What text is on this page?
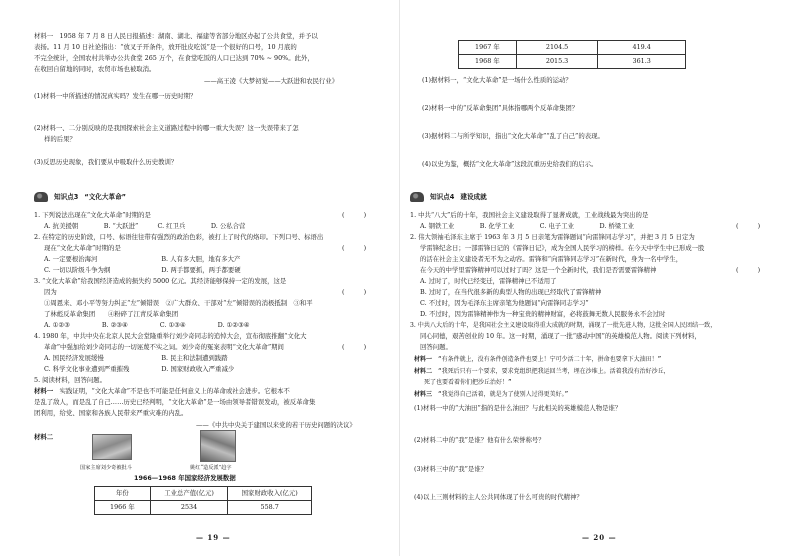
材料一　1958 年 7 月 8 日人民日报描述：湖南、湖北、福建等省部分地区办起了公共食堂，并予以
表扬。11 月 10 日社论指出：“放叉子开条件，放开肚皮吃饭”是一个很好的口号，10 月底的
不完全统计，全国农村共举办公共食堂 265 万个，在食堂吃饭的人口已达到 70% ~ 90%。此外，
在收回自留地的同时，农贸市场也被取消。
——高王凌《大梦初觉——大跃进和农民行业》
(1)材料一中所描述的情况真实吗？发生在哪一历史时期？
(2)材料一、二分别反映的是我国探索社会主义道路过程中的哪一重大失误？这一失误带来了怎
样的后果？
(3)反思历史现象，我们要从中吸取什么历史教训？
知识点3 “文化大革命”
1. 下列说法出现在“文化大革命”时期的是	(　　　)
A. 抗美援朝　　　　B. “大跃进”　　　C. 红卫兵　　　　D. 公私合营
2. 在特定的历史阶段，口号、标语往往带有强烈的政治色彩，被打上了时代的烙印。下列口号、标语出
现在“文化大革命”时期的是	(　　　)
A. 一定要根治海河　　　　　　　　　　B. 人有多大胆，地有多大产
C. 一切以阶级斗争为纲　　　　　　　　D. 两手都要抓，两手都要硬
3. “文化大革命”给我国经济造成的损失约 5000 亿元。其经济能够保持一定的发展，这是
因为	(　　　)
①周恩来、邓小平等努力纠正“左”倾错误　②广大群众、干部对“左”倾错误的消极抵制　③和平
了林彪反革命集团　　④粉碎了江青反革命集团
A. ①②③　　　　　B. ②③④　　　　　C. ①③④　　　　　D. ①②③④
4. 1980 年，中共中央在北京人民大会堂隆重举行刘少奇同志的追悼大会，宣布彻底推翻“文化大
革命”中强加给刘少奇同志的一切诬蔑不实之词。刘少奇的冤案表明“文化大革命”期间	(　　　)
A. 国民经济发展缓慢　　　　　　　　　B. 民主和法制遭到践踏
C. 科学文化事业遭到严重摧残　　　　　D. 国家财政收入严重减少
5. 阅读材料，回答问题。
材料一　实践证明，“文化大革命”不是也不可能是任何意义上的革命或社会进步。它根本不
是乱了敌人，而是乱了自己……历史已经判明，“文化大革命”是一场由领导者错误发动，被反革命集
团利用，给党、国家和各族人民带来严重灾难的内乱。
——《中共中央关于建国以来党的若干历史问题的决议》
材料二
国家主席刘少奇被批斗	姚红“造反派”趋字
1966—1968 年国家经济发展数据
年份	工业总产值(亿元)	国家财政收入(亿元)
1966 年	2534	558.7
— 19 —
1967 年	2104.5	419.4
1968 年	2015.3	361.3
(1)据材料一，“文化大革命”是一场什么性质的运动？
(2)材料一中的“反革命集团”具体指哪两个反革命集团？
(3)据材料二与所学知识，指出“文化大革命”“乱了自己”的表现。
(4)以史为鉴，概括“文化大革命”这段沉重历史给我们的启示。
知识点4 建设成就
1. 中共“八大”后的十年，我国社会主义建设取得了显著成就，工业战线最为突出的是
(　　　)
A. 钢铁工业　　　　B. 化学工业　　　　C. 电子工业　　　　D. 桥梁工业
2. 伟大领袖毛泽东主席于 1963 年 3 月 5 日亲笔为雷锋题词“向雷锋同志学习”，并把 3 月 5 日定为
学雷锋纪念日；一部雷锋日记的《雷锋日记》，成为全国人民学习的榜样。在今天中学生中已形成一股
的活在社会主义建设者无不为之动容。雷锋和“向雷锋同志学习”在新时代，身为一名中学生，
在今天的中学里雷锋精神可以过时了吗？这是一个全新时代，我们是否需要雷锋精神	(　　　)
A. 过时了，时代已经变迁，雷锋精神已不适用了
B. 过时了，在当代很多新的典型人物的出现已经取代了雷锋精神
C. 不过时，因为毛泽东主席亲笔为他题词“向雷锋同志学习”
D. 不过时，因为雷锋精神作为一种宝贵的精神财富，必将鼓舞无数人民服务永不会过时
3. 中共八大后的十年，是我国社会主义建设取得重大成就的时期，涌现了一批先进人物，这批全国人民团结一致，
同心同德，艰苦创业的 10 年。这一时期，涌现了一批“感动中国”的英雄模范人物。阅读下列材料，
回答问题。
材料一　 “有条件就上，没有条件创造条件也要上！宁可少活二十年，拼命也要拿下大油田！”
材料二　 “我死后只有一个要求，要求党组织把我运回兰考，埋在沙堆上。活着我没有治好沙丘，
死了也要看着你们把沙丘治好！”
材料三　 “我觉得自己活着，就是为了使别人过得更美好。”
(1)材料一中的“大油田”指的是什么油田？与此相关的英雄模范人物是谁？
(2)材料二中的“我”是谁？他有什么荣誉称号？
(3)材料三中的“我”是谁？
(4)以上三则材料的主人公共同体现了什么可贵的时代精神？
— 20 —
